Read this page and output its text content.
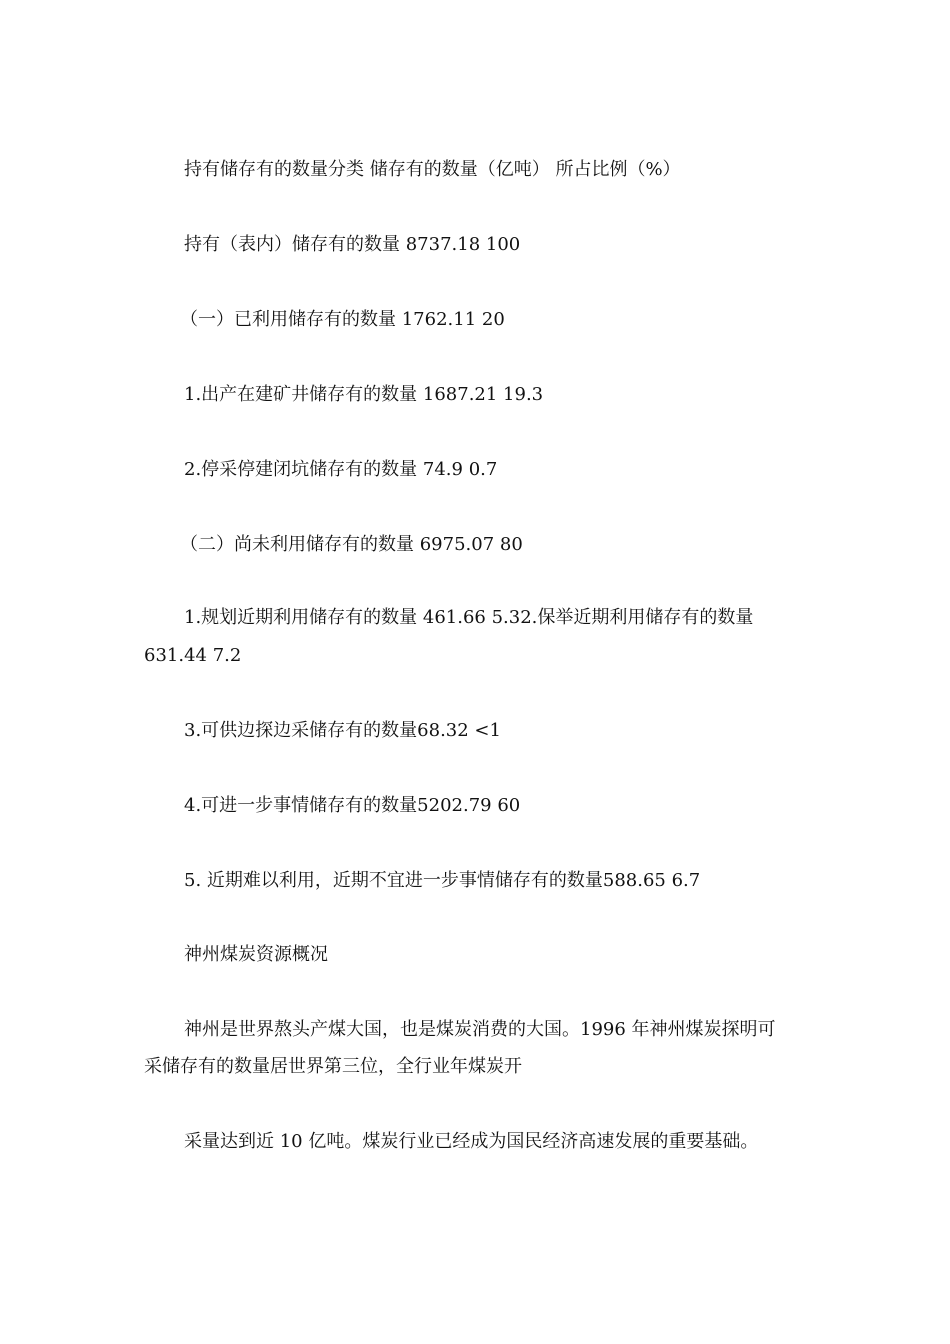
持有储存有的数量分类 储存有的数量（亿吨） 所占比例（%）
持有（表内）储存有的数量 8737.18 100
（一）已利用储存有的数量 1762.11 20
1.出产在建矿井储存有的数量 1687.21 19.3
2.停采停建闭坑储存有的数量 74.9 0.7
（二）尚未利用储存有的数量 6975.07 80
1.规划近期利用储存有的数量 461.66 5.32.保举近期利用储存有的数量
631.44 7.2
3.可供边探边采储存有的数量68.32 <1
4.可进一步事情储存有的数量5202.79 60
5. 近期难以利用，近期不宜进一步事情储存有的数量588.65 6.7
神州煤炭资源概况
神州是世界熬头产煤大国，也是煤炭消费的大国。1996 年神州煤炭探明可
采储存有的数量居世界第三位，全行业年煤炭开
采量达到近 10 亿吨。煤炭行业已经成为国民经济高速发展的重要基础。
